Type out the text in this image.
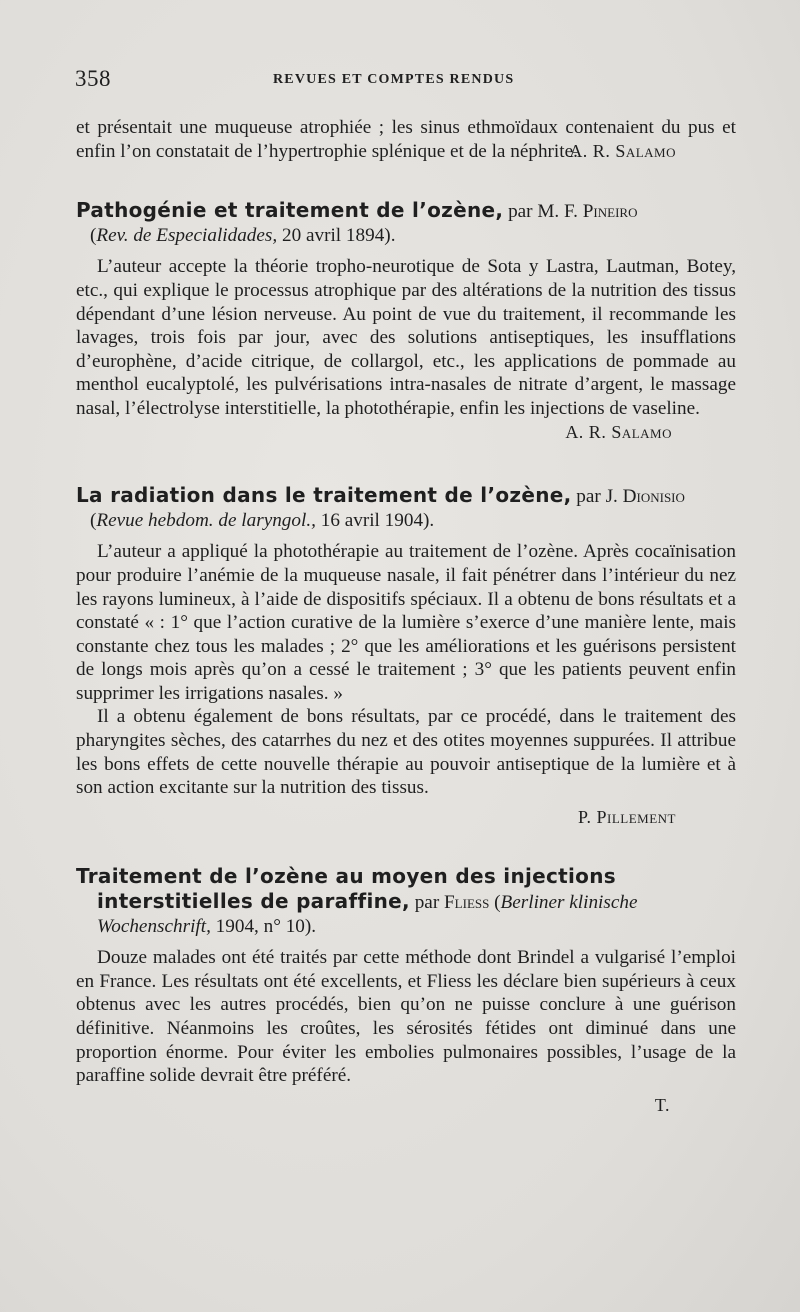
358	REVUES ET COMPTES RENDUS

et présentait une muqueuse atrophiée ; les sinus ethmoïdaux contenaient du pus et enfin l’on constatait de l’hypertrophie splénique et de la néphrite.

A. R. Salamo

Pathogénie et traitement de l’ozène, par M. F. Pineiro
(Rev. de Especialidades, 20 avril 1894).

L’auteur accepte la théorie tropho-neurotique de Sota y Lastra, Lautman, Botey, etc., qui explique le processus atrophique par des altérations de la nutrition des tissus dépendant d’une lésion nerveuse. Au point de vue du traitement, il recommande les lavages, trois fois par jour, avec des solutions antiseptiques, les insufflations d’europhène, d’acide citrique, de collargol, etc., les applications de pommade au menthol eucalyptolé, les pulvérisations intra-nasales de nitrate d’argent, le massage nasal, l’électrolyse interstitielle, la photothérapie, enfin les injections de vaseline.

A. R. Salamo

La radiation dans le traitement de l’ozène, par J. Dionisio
(Revue hebdom. de laryngol., 16 avril 1904).

L’auteur a appliqué la photothérapie au traitement de l’ozène. Après cocaïnisation pour produire l’anémie de la muqueuse nasale, il fait pénétrer dans l’intérieur du nez les rayons lumineux, à l’aide de dispositifs spéciaux. Il a obtenu de bons résultats et a constaté « : 1° que l’action curative de la lumière s’exerce d’une manière lente, mais constante chez tous les malades ; 2° que les améliorations et les guérisons persistent de longs mois après qu’on a cessé le traitement ; 3° que les patients peuvent enfin supprimer les irrigations nasales. »

Il a obtenu également de bons résultats, par ce procédé, dans le traitement des pharyngites sèches, des catarrhes du nez et des otites moyennes suppurées. Il attribue les bons effets de cette nouvelle thérapie au pouvoir antiseptique de la lumière et à son action excitante sur la nutrition des tissus.

P. Pillement

Traitement de l’ozène au moyen des injections interstitielles de paraffine, par Fliess (Berliner klinische Wochenschrift, 1904, n° 10).

Douze malades ont été traités par cette méthode dont Brindel a vulgarisé l’emploi en France. Les résultats ont été excellents, et Fliess les déclare bien supérieurs à ceux obtenus avec les autres procédés, bien qu’on ne puisse conclure à une guérison définitive. Néanmoins les croûtes, les sérosités fétides ont diminué dans une proportion énorme. Pour éviter les embolies pulmonaires possibles, l’usage de la paraffine solide devrait être préféré.

T.
